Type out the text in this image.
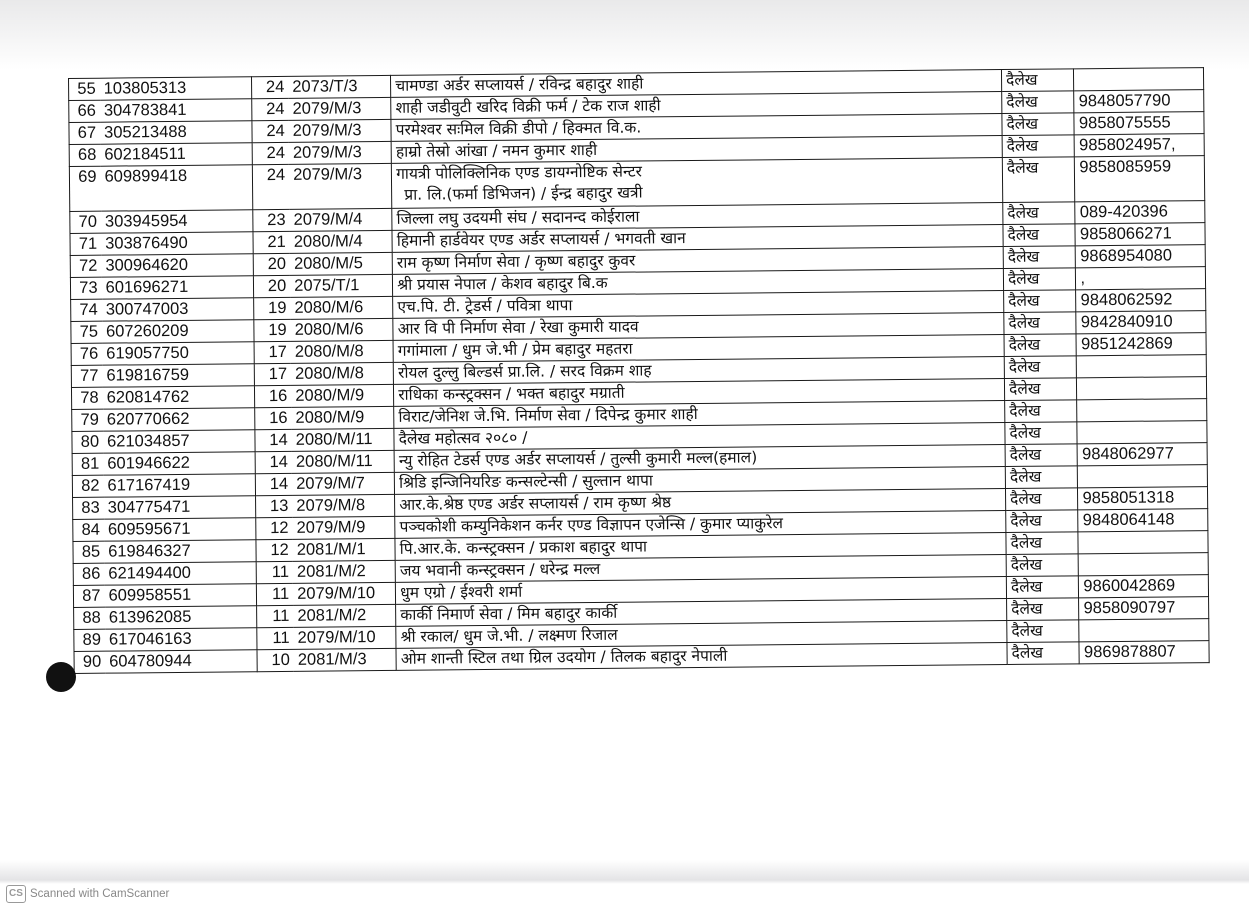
55	103805313	24	2073/T/3	चामण्डा अर्डर सप्लायर्स / रविन्द्र बहादुर शाही	दैलेख	
66	304783841	24	2079/M/3	शाही जडीवुटी खरिद विक्री फर्म / टेक राज शाही	दैलेख	9848057790
67	305213488	24	2079/M/3	परमेश्वर सःमिल विक्री डीपो / हिक्मत वि.क.	दैलेख	9858075555
68	602184511	24	2079/M/3	हाम्रो तेस्रो आंखा / नमन कुमार शाही	दैलेख	9858024957,
69	609899418	24	2079/M/3	गायत्री पोलिक्लिनिक एण्ड डायग्नोष्टिक सेन्टर
प्रा. लि.(फर्मा डिभिजन) / ईन्द्र बहादुर खत्री	दैलेख	9858085959
70	303945954	23	2079/M/4	जिल्ला लघु उदयमी संघ / सदानन्द कोईराला	दैलेख	089-420396
71	303876490	21	2080/M/4	हिमानी हार्डवेयर एण्ड अर्डर सप्लायर्स / भगवती खान	दैलेख	9858066271
72	300964620	20	2080/M/5	राम कृष्ण निर्माण सेवा / कृष्ण बहादुर कुवर	दैलेख	9868954080
73	601696271	20	2075/T/1	श्री प्रयास नेपाल / केशव बहादुर बि.क	दैलेख	,
74	300747003	19	2080/M/6	एच.पि. टी. ट्रेडर्स / पवित्रा थापा	दैलेख	9848062592
75	607260209	19	2080/M/6	आर वि पी निर्माण सेवा / रेखा कुमारी यादव	दैलेख	9842840910
76	619057750	17	2080/M/8	गगांमाला / धुम जे.भी / प्रेम बहादुर महतरा	दैलेख	9851242869
77	619816759	17	2080/M/8	रोयल दुल्लु बिल्डर्स प्रा.लि. / सरद विक्रम शाह	दैलेख	
78	620814762	16	2080/M/9	राधिका कन्स्ट्रक्सन / भक्त बहादुर मग्राती	दैलेख	
79	620770662	16	2080/M/9	विराट/जेनिश जे.भि. निर्माण सेवा / दिपेन्द्र कुमार शाही	दैलेख	
80	621034857	14	2080/M/11	दैलेख महोत्सव २०८० /	दैलेख	
81	601946622	14	2080/M/11	न्यु रोहित टेडर्स एण्ड अर्डर सप्लायर्स / तुल्सी कुमारी मल्ल(हमाल)	दैलेख	9848062977
82	617167419	14	2079/M/7	श्रिडि इन्जिनियरिङ कन्सल्टेन्सी / सुल्तान थापा	दैलेख	
83	304775471	13	2079/M/8	आर.के.श्रेष्ठ एण्ड अर्डर सप्लायर्स / राम कृष्ण श्रेष्ठ	दैलेख	9858051318
84	609595671	12	2079/M/9	पञ्चकोशी कम्युनिकेशन कर्नर एण्ड विज्ञापन एजेन्सि / कुमार प्याकुरेल	दैलेख	9848064148
85	619846327	12	2081/M/1	पि.आर.के. कन्स्ट्रक्सन / प्रकाश बहादुर थापा	दैलेख	
86	621494400	11	2081/M/2	जय भवानी कन्स्ट्रक्सन / धरेन्द्र मल्ल	दैलेख	
87	609958551	11	2079/M/10	धुम एग्रो / ईश्वरी शर्मा	दैलेख	9860042869
88	613962085	11	2081/M/2	कार्की निमार्ण सेवा / मिम बहादुर कार्की	दैलेख	9858090797
89	617046163	11	2079/M/10	श्री रकाल/ धुम जे.भी. / लक्ष्मण रिजाल	दैलेख	
90	604780944	10	2081/M/3	ओम शान्ती स्टिल तथा ग्रिल उदयोग / तिलक बहादुर नेपाली	दैलेख	9869878807
CS Scanned with CamScanner
